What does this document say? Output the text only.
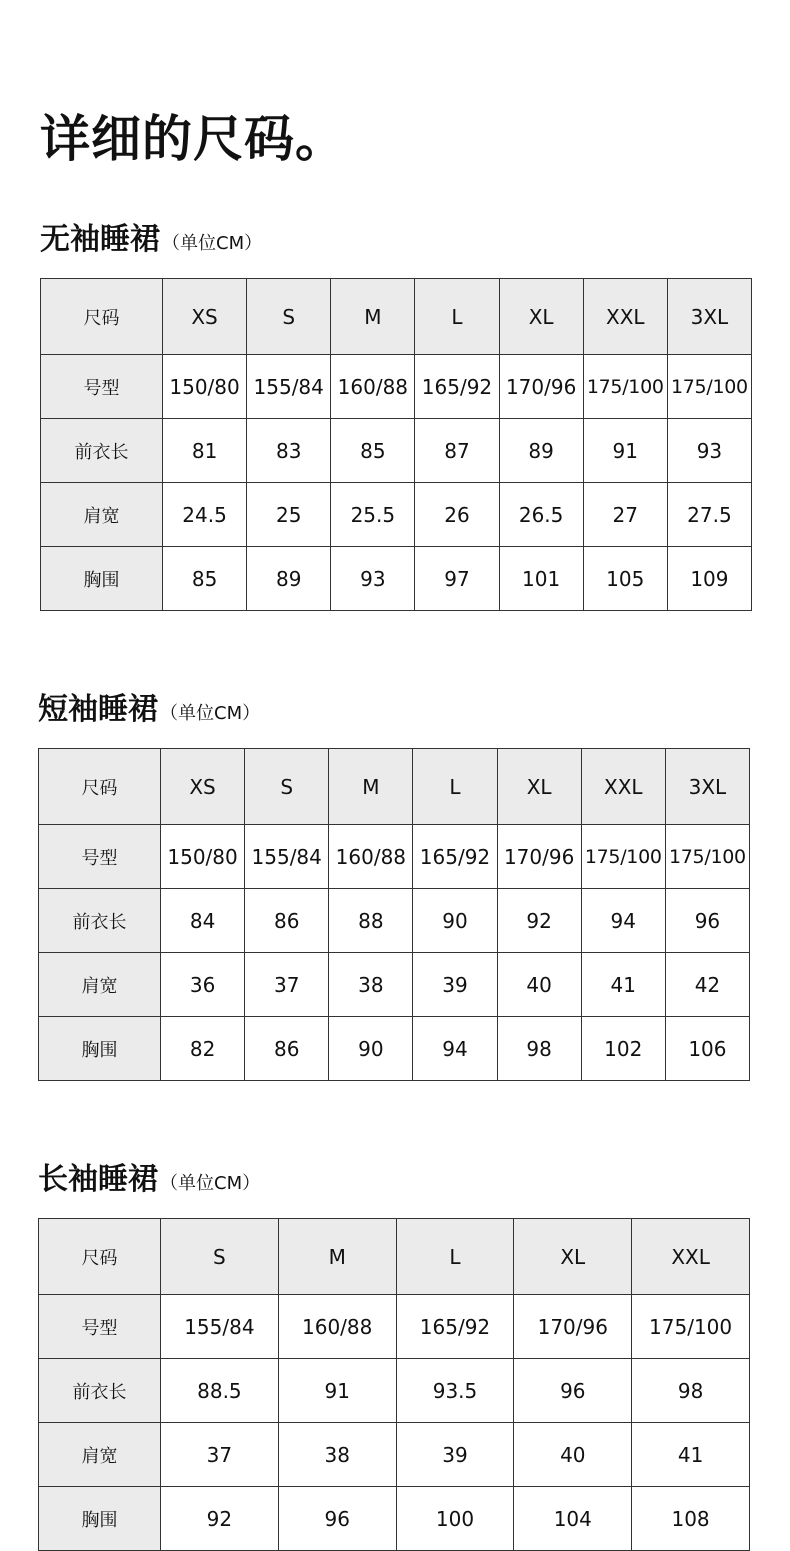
详细的尺码。
无袖睡裙 （单位CM）
尺码	XS	S	M	L	XL	XXL	3XL
号型	150/80	155/84	160/88	165/92	170/96	175/100	175/100
前衣长	81	83	85	87	89	91	93
肩宽	24.5	25	25.5	26	26.5	27	27.5
胸围	85	89	93	97	101	105	109
短袖睡裙 （单位CM）
尺码	XS	S	M	L	XL	XXL	3XL
号型	150/80	155/84	160/88	165/92	170/96	175/100	175/100
前衣长	84	86	88	90	92	94	96
肩宽	36	37	38	39	40	41	42
胸围	82	86	90	94	98	102	106
长袖睡裙 （单位CM）
尺码	S	M	L	XL	XXL
号型	155/84	160/88	165/92	170/96	175/100
前衣长	88.5	91	93.5	96	98
肩宽	37	38	39	40	41
胸围	92	96	100	104	108
